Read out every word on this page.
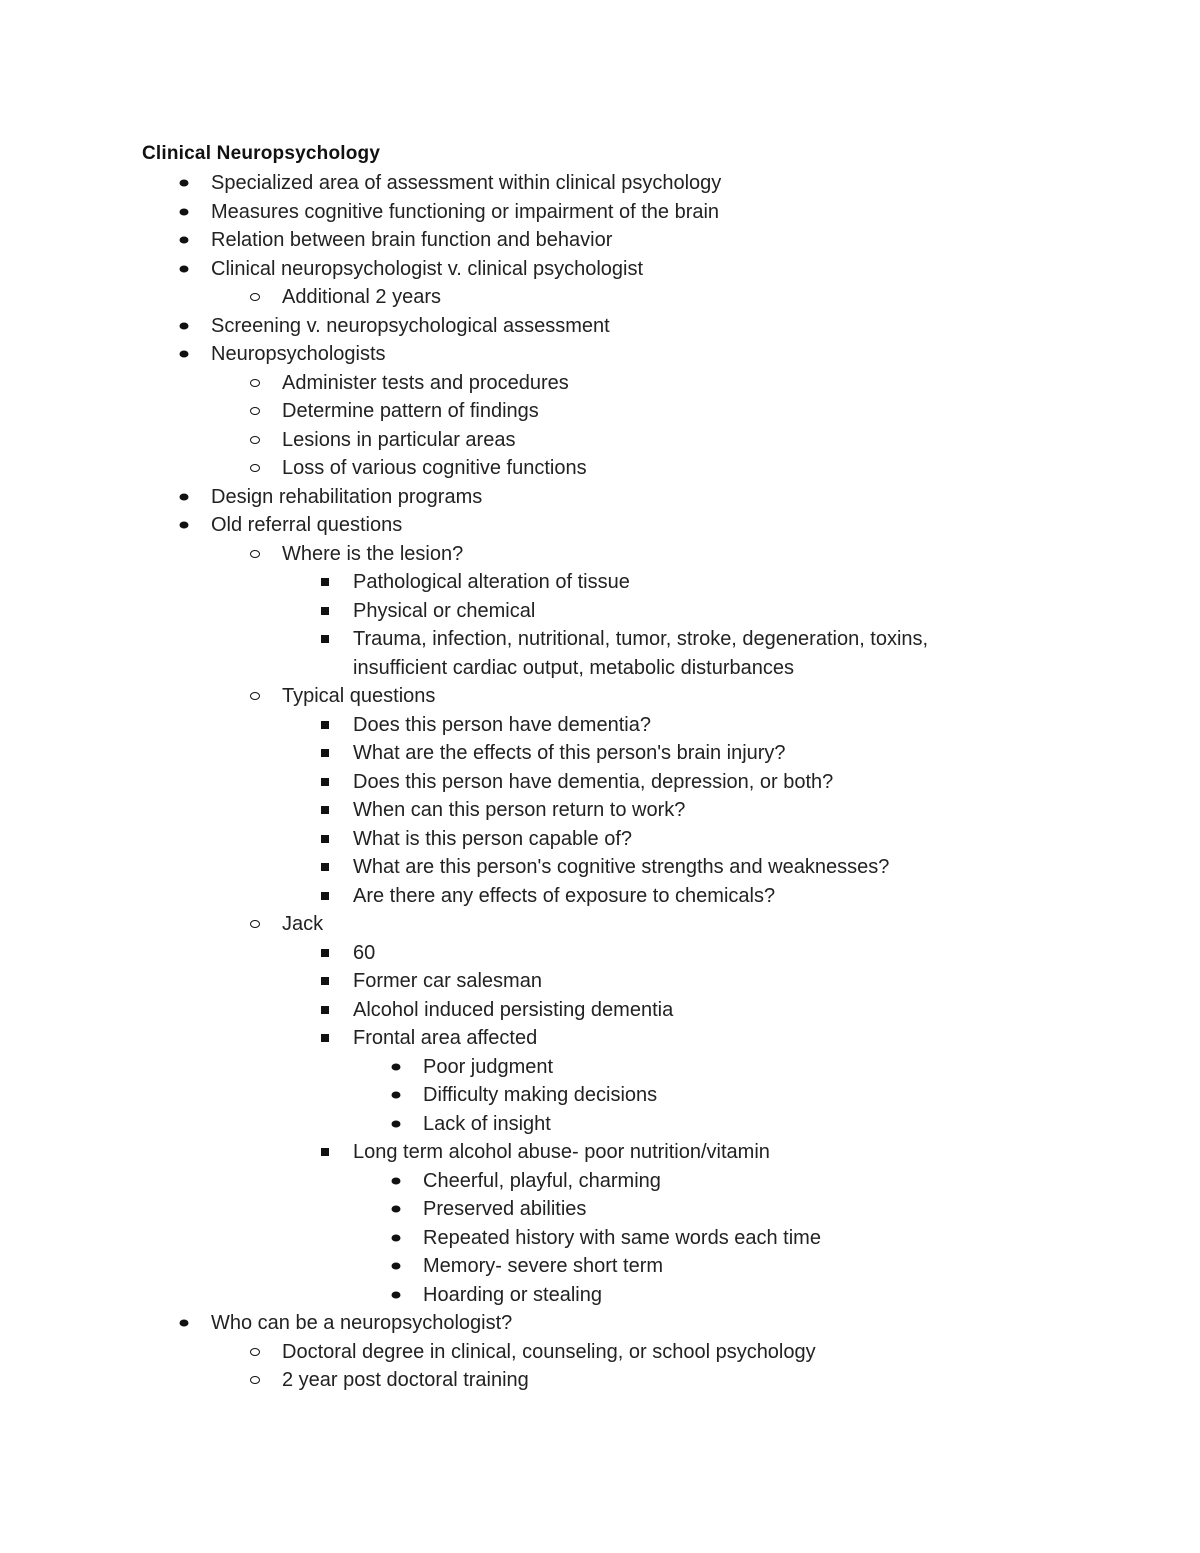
Clinical Neuropsychology
Specialized area of assessment within clinical psychology
Measures cognitive functioning or impairment of the brain
Relation between brain function and behavior
Clinical neuropsychologist v. clinical psychologist
Additional 2 years
Screening v. neuropsychological assessment
Neuropsychologists
Administer tests and procedures
Determine pattern of findings
Lesions in particular areas
Loss of various cognitive functions
Design rehabilitation programs
Old referral questions
Where is the lesion?
Pathological alteration of tissue
Physical or chemical
Trauma, infection, nutritional, tumor, stroke, degeneration, toxins,
insufficient cardiac output, metabolic disturbances
Typical questions
Does this person have dementia?
What are the effects of this person's brain injury?
Does this person have dementia, depression, or both?
When can this person return to work?
What is this person capable of?
What are this person's cognitive strengths and weaknesses?
Are there any effects of exposure to chemicals?
Jack
60
Former car salesman
Alcohol induced persisting dementia
Frontal area affected
Poor judgment
Difficulty making decisions
Lack of insight
Long term alcohol abuse- poor nutrition/vitamin
Cheerful, playful, charming
Preserved abilities
Repeated history with same words each time
Memory- severe short term
Hoarding or stealing
Who can be a neuropsychologist?
Doctoral degree in clinical, counseling, or school psychology
2 year post doctoral training
